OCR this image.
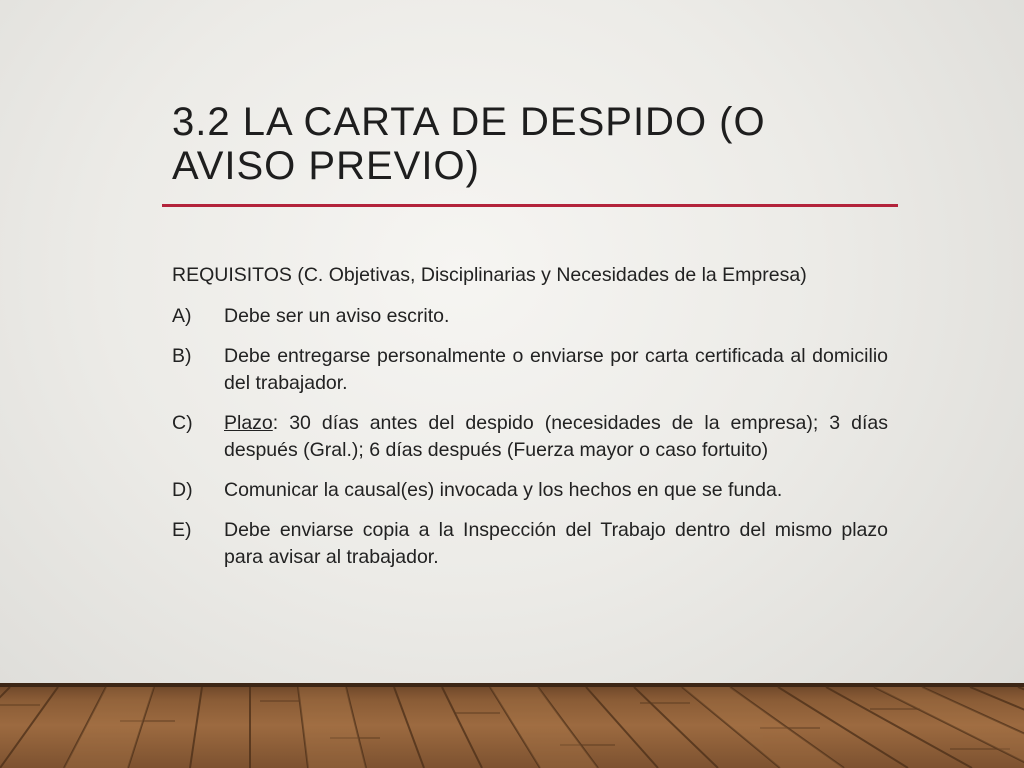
3.2 LA CARTA DE DESPIDO (O AVISO PREVIO)

REQUISITOS (C. Objetivas, Disciplinarias y Necesidades de la Empresa)

A)	Debe ser un aviso escrito.
B)	Debe entregarse personalmente o enviarse por carta certificada al domicilio del trabajador.
C)	Plazo: 30 días antes del despido (necesidades de la empresa); 3 días después (Gral.); 6 días después (Fuerza mayor o caso fortuito)
D)	Comunicar la causal(es) invocada y los hechos en que se funda.
E)	Debe enviarse copia a la Inspección del Trabajo dentro del mismo plazo para avisar al trabajador.
